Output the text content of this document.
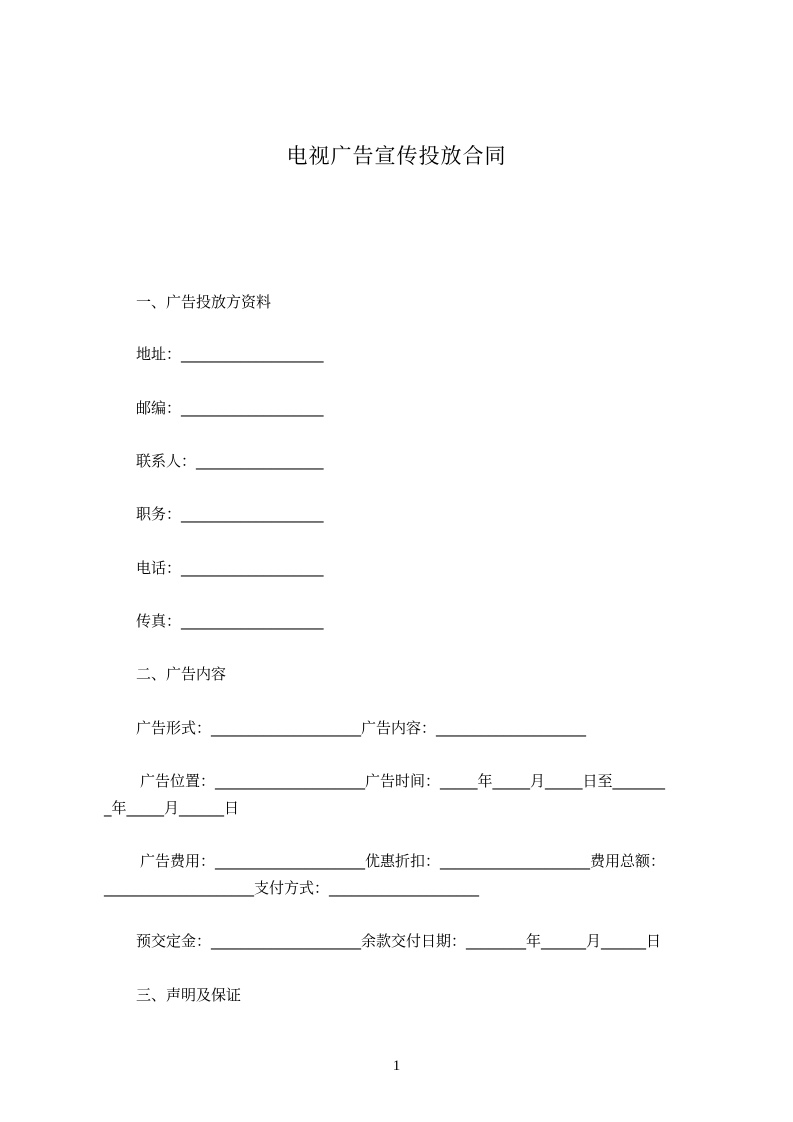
电视广告宣传投放合同
一、广告投放方资料
地址：___________________
邮编：___________________
联系人：_________________
职务：___________________
电话：___________________
传真：___________________
二、广告内容
广告形式：____________________广告内容：____________________
广告位置：____________________广告时间：_____年_____月_____日至_______
_年_____月______日
广告费用：____________________优惠折扣：____________________费用总额：
____________________支付方式：____________________
预交定金：____________________余款交付日期：________年______月______日
三、声明及保证
1
